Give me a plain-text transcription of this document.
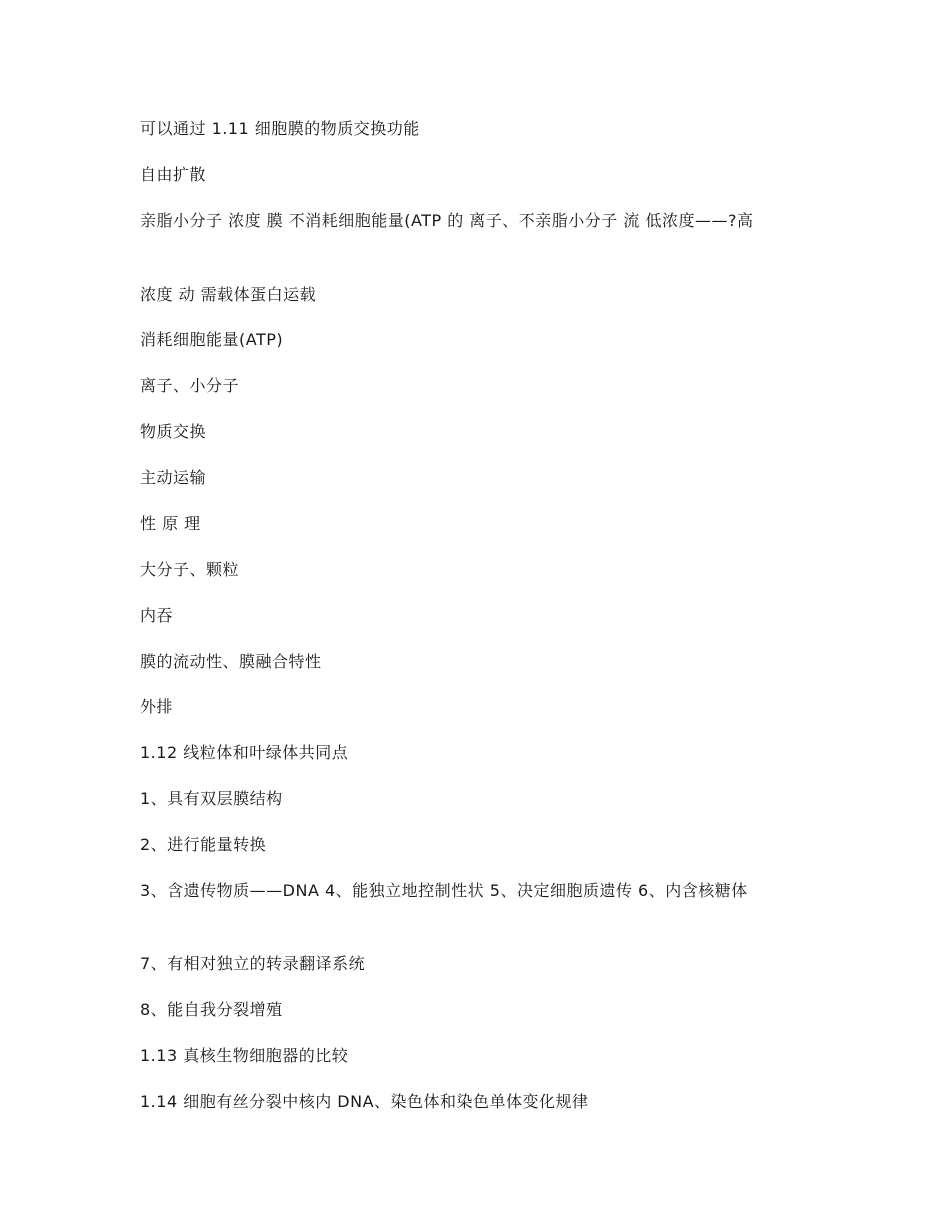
可以通过 1.11 细胞膜的物质交换功能
自由扩散
亲脂小分子 浓度 膜 不消耗细胞能量(ATP 的 离子、不亲脂小分子 流 低浓度——?高
浓度 动 需载体蛋白运载
消耗细胞能量(ATP)
离子、小分子
物质交换
主动运输
性 原 理
大分子、颗粒
内吞
膜的流动性、膜融合特性
外排
1.12 线粒体和叶绿体共同点
1、具有双层膜结构
2、进行能量转换
3、含遗传物质——DNA 4、能独立地控制性状 5、决定细胞质遗传 6、内含核糖体
7、有相对独立的转录翻译系统
8、能自我分裂增殖
1.13 真核生物细胞器的比较
1.14 细胞有丝分裂中核内 DNA、染色体和染色单体变化规律
